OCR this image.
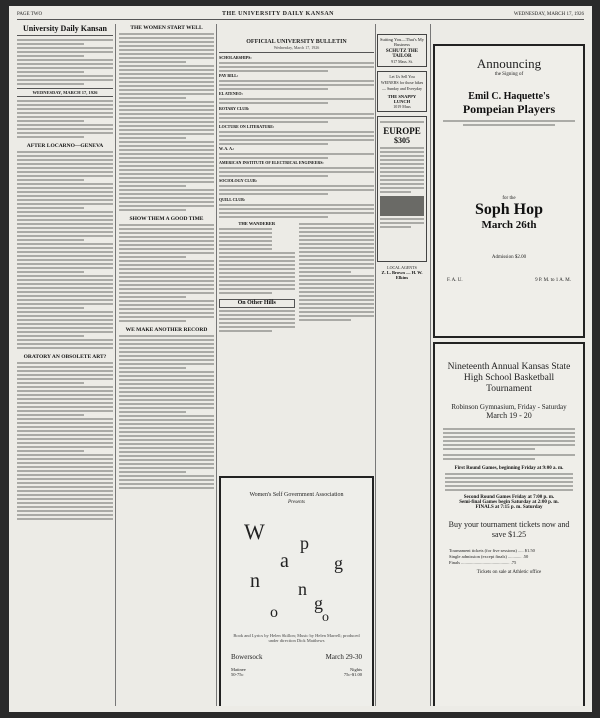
PAGE TWO	THE UNIVERSITY DAILY KANSAN	WEDNESDAY, MARCH 17, 1926
University Daily Kansan
WEDNESDAY, MARCH 17, 1926
AFTER LOCARNO—GENEVA
ORATORY AN OBSOLETE ART?
THE WOMEN START WELL
SHOW THEM A GOOD TIME
WE MAKE ANOTHER RECORD
OFFICIAL UNIVERSITY BULLETIN
Wednesday, March 17, 1926
SCHOLARSHIPS:
PAY BILL:
EL ATENEO:
ROTARY CLUB:
LOCTURE ON LITERATURE:
W. A. A.:
AMERICAN INSTITUTE OF ELECTRICAL ENGINEERS:
SOCIOLOGY CLUB:
QUILL CLUB:
THE WANDERER
On Other Hills
Women's Self Government Association
Presents
W p
a	g
n n
g
o	o
Book and Lyrics by Helen Skillon; Music by Helen Marrell; produced under direction Dick Matthews
Bowersock	March 29-30
Matinee
50-75c
Nights
75c-$1.00
Suiting You—That's My Business
SCHUTZ THE TAILOR
917 Mass. St.
Let Us Sell You WEINERS for those hikes — Sunday and Everyday
THE SNAPPY LUNCH
1019 Mass
EUROPE
$305
LOCAL AGENTS
Z. L. Brown — H. W. Elkins
Announcing
the Signing of
Emil C. Haquette's
Pompeian Players
for the
Soph Hop
March 26th
Admission $2.00
F. A. U.	9 P. M. to 1 A. M.
Nineteenth Annual Kansas State High School Basketball Tournament
Robinson Gymnasium, Friday - Saturday
March 19 - 20
First Round Games, beginning Friday at 9:00 a. m.
Second Round Games Friday at 7:00 p. m.
Semi-final Games begin Saturday at 2:00 p. m.
FINALS at 7:15 p. m. Saturday
Buy your tournament tickets now and save $1.25
Tournament tickets (for five sessions) ..... $1.50
Single admission (except finals) ............ .50
Finals ........................................... .75
Tickets on sale at Athletic office
